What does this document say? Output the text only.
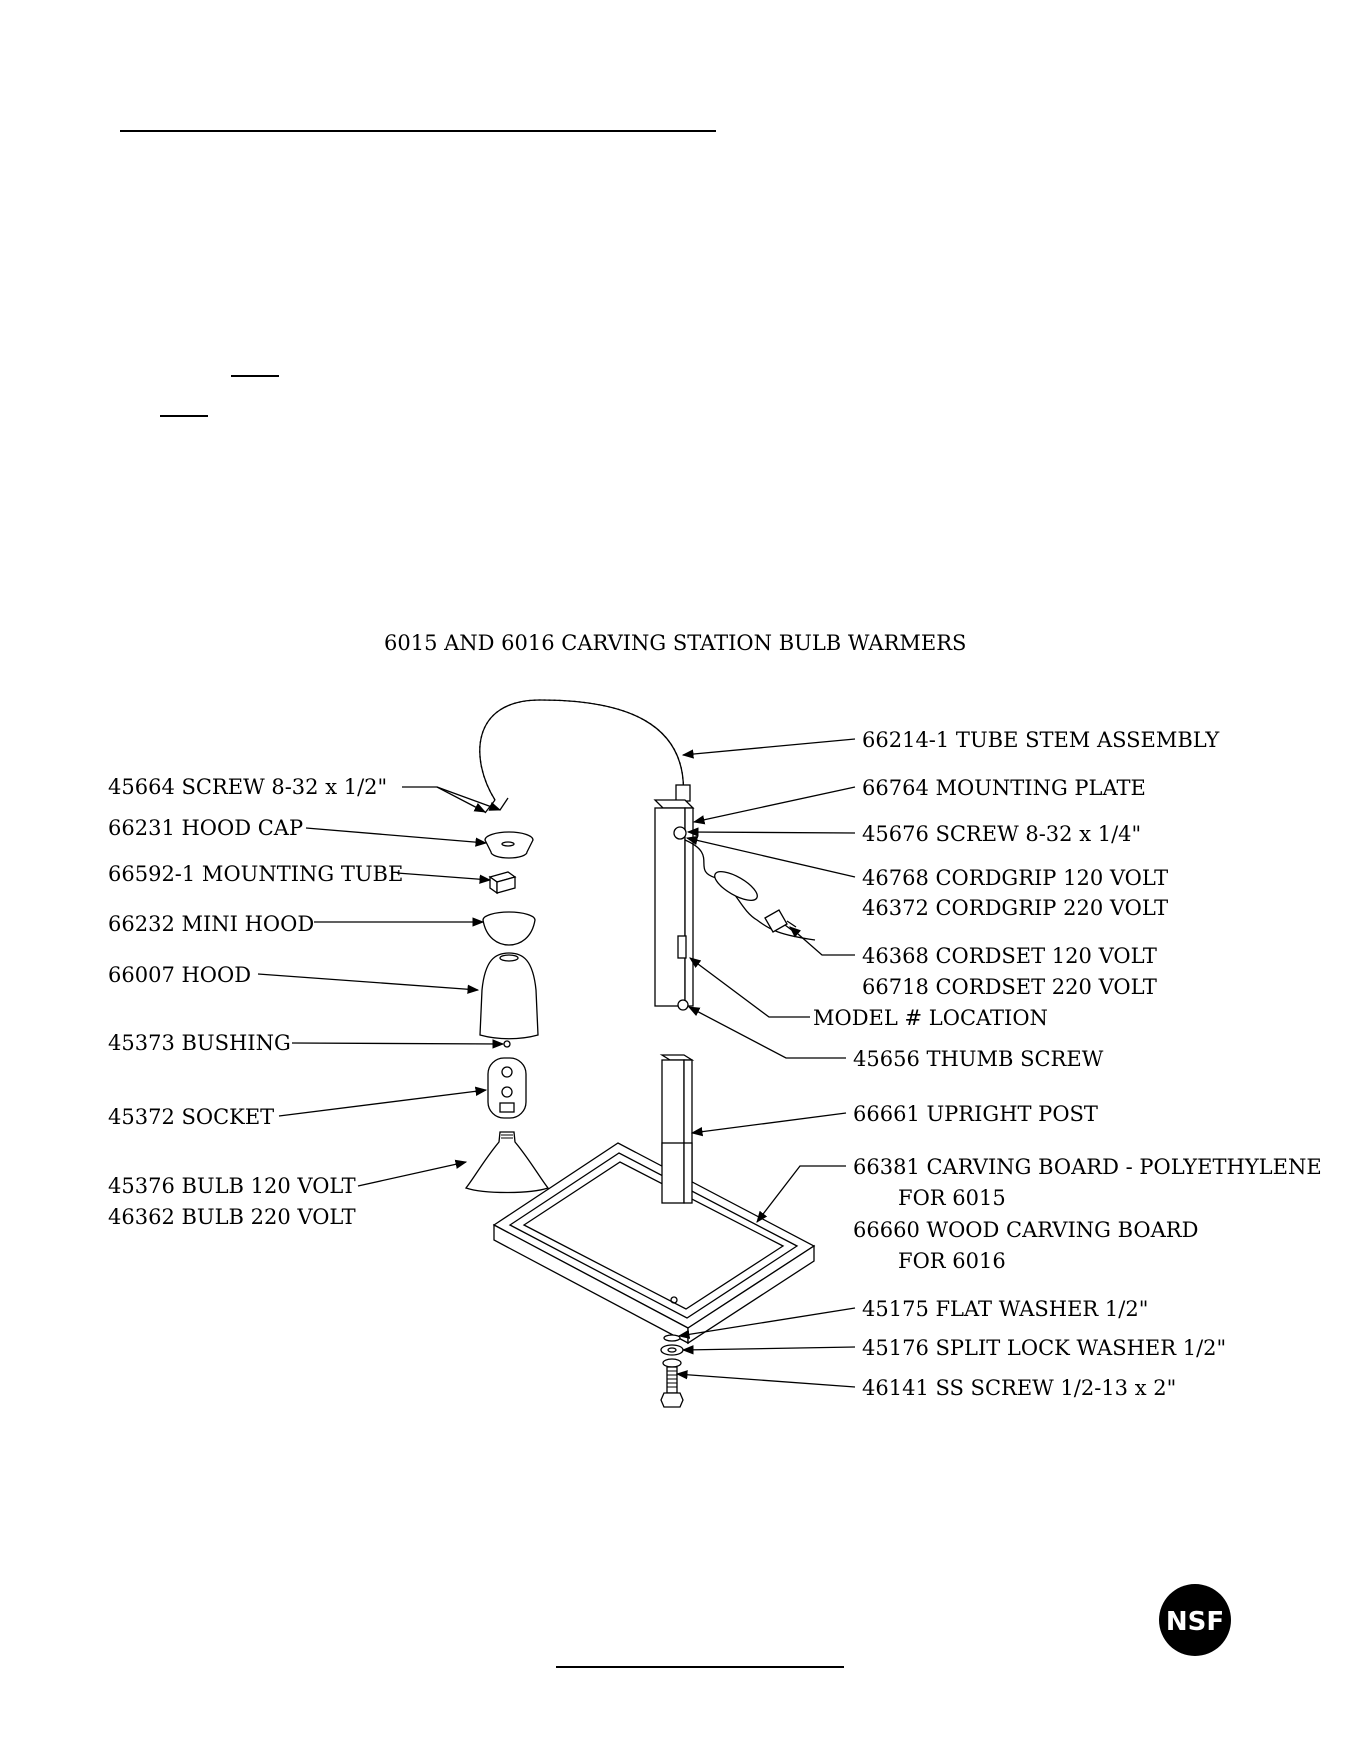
6015 AND 6016 CARVING STATION BULB WARMERS
45664 SCREW 8-32 x 1/2"
66231 HOOD CAP
66592-1 MOUNTING TUBE
66232 MINI HOOD
66007 HOOD
45373 BUSHING
45372 SOCKET
45376 BULB 120 VOLT
46362 BULB 220 VOLT
66214-1 TUBE STEM ASSEMBLY
66764 MOUNTING PLATE
45676 SCREW 8-32 x 1/4"
46768 CORDGRIP 120 VOLT
46372 CORDGRIP 220 VOLT
46368 CORDSET 120 VOLT
66718 CORDSET 220 VOLT
MODEL # LOCATION
45656 THUMB SCREW
66661 UPRIGHT POST
66381 CARVING BOARD - POLYETHYLENE
FOR 6015
66660 WOOD CARVING BOARD
FOR 6016
45175 FLAT WASHER 1/2"
45176 SPLIT LOCK WASHER 1/2"
46141 SS SCREW 1/2-13 x 2"
NSF
